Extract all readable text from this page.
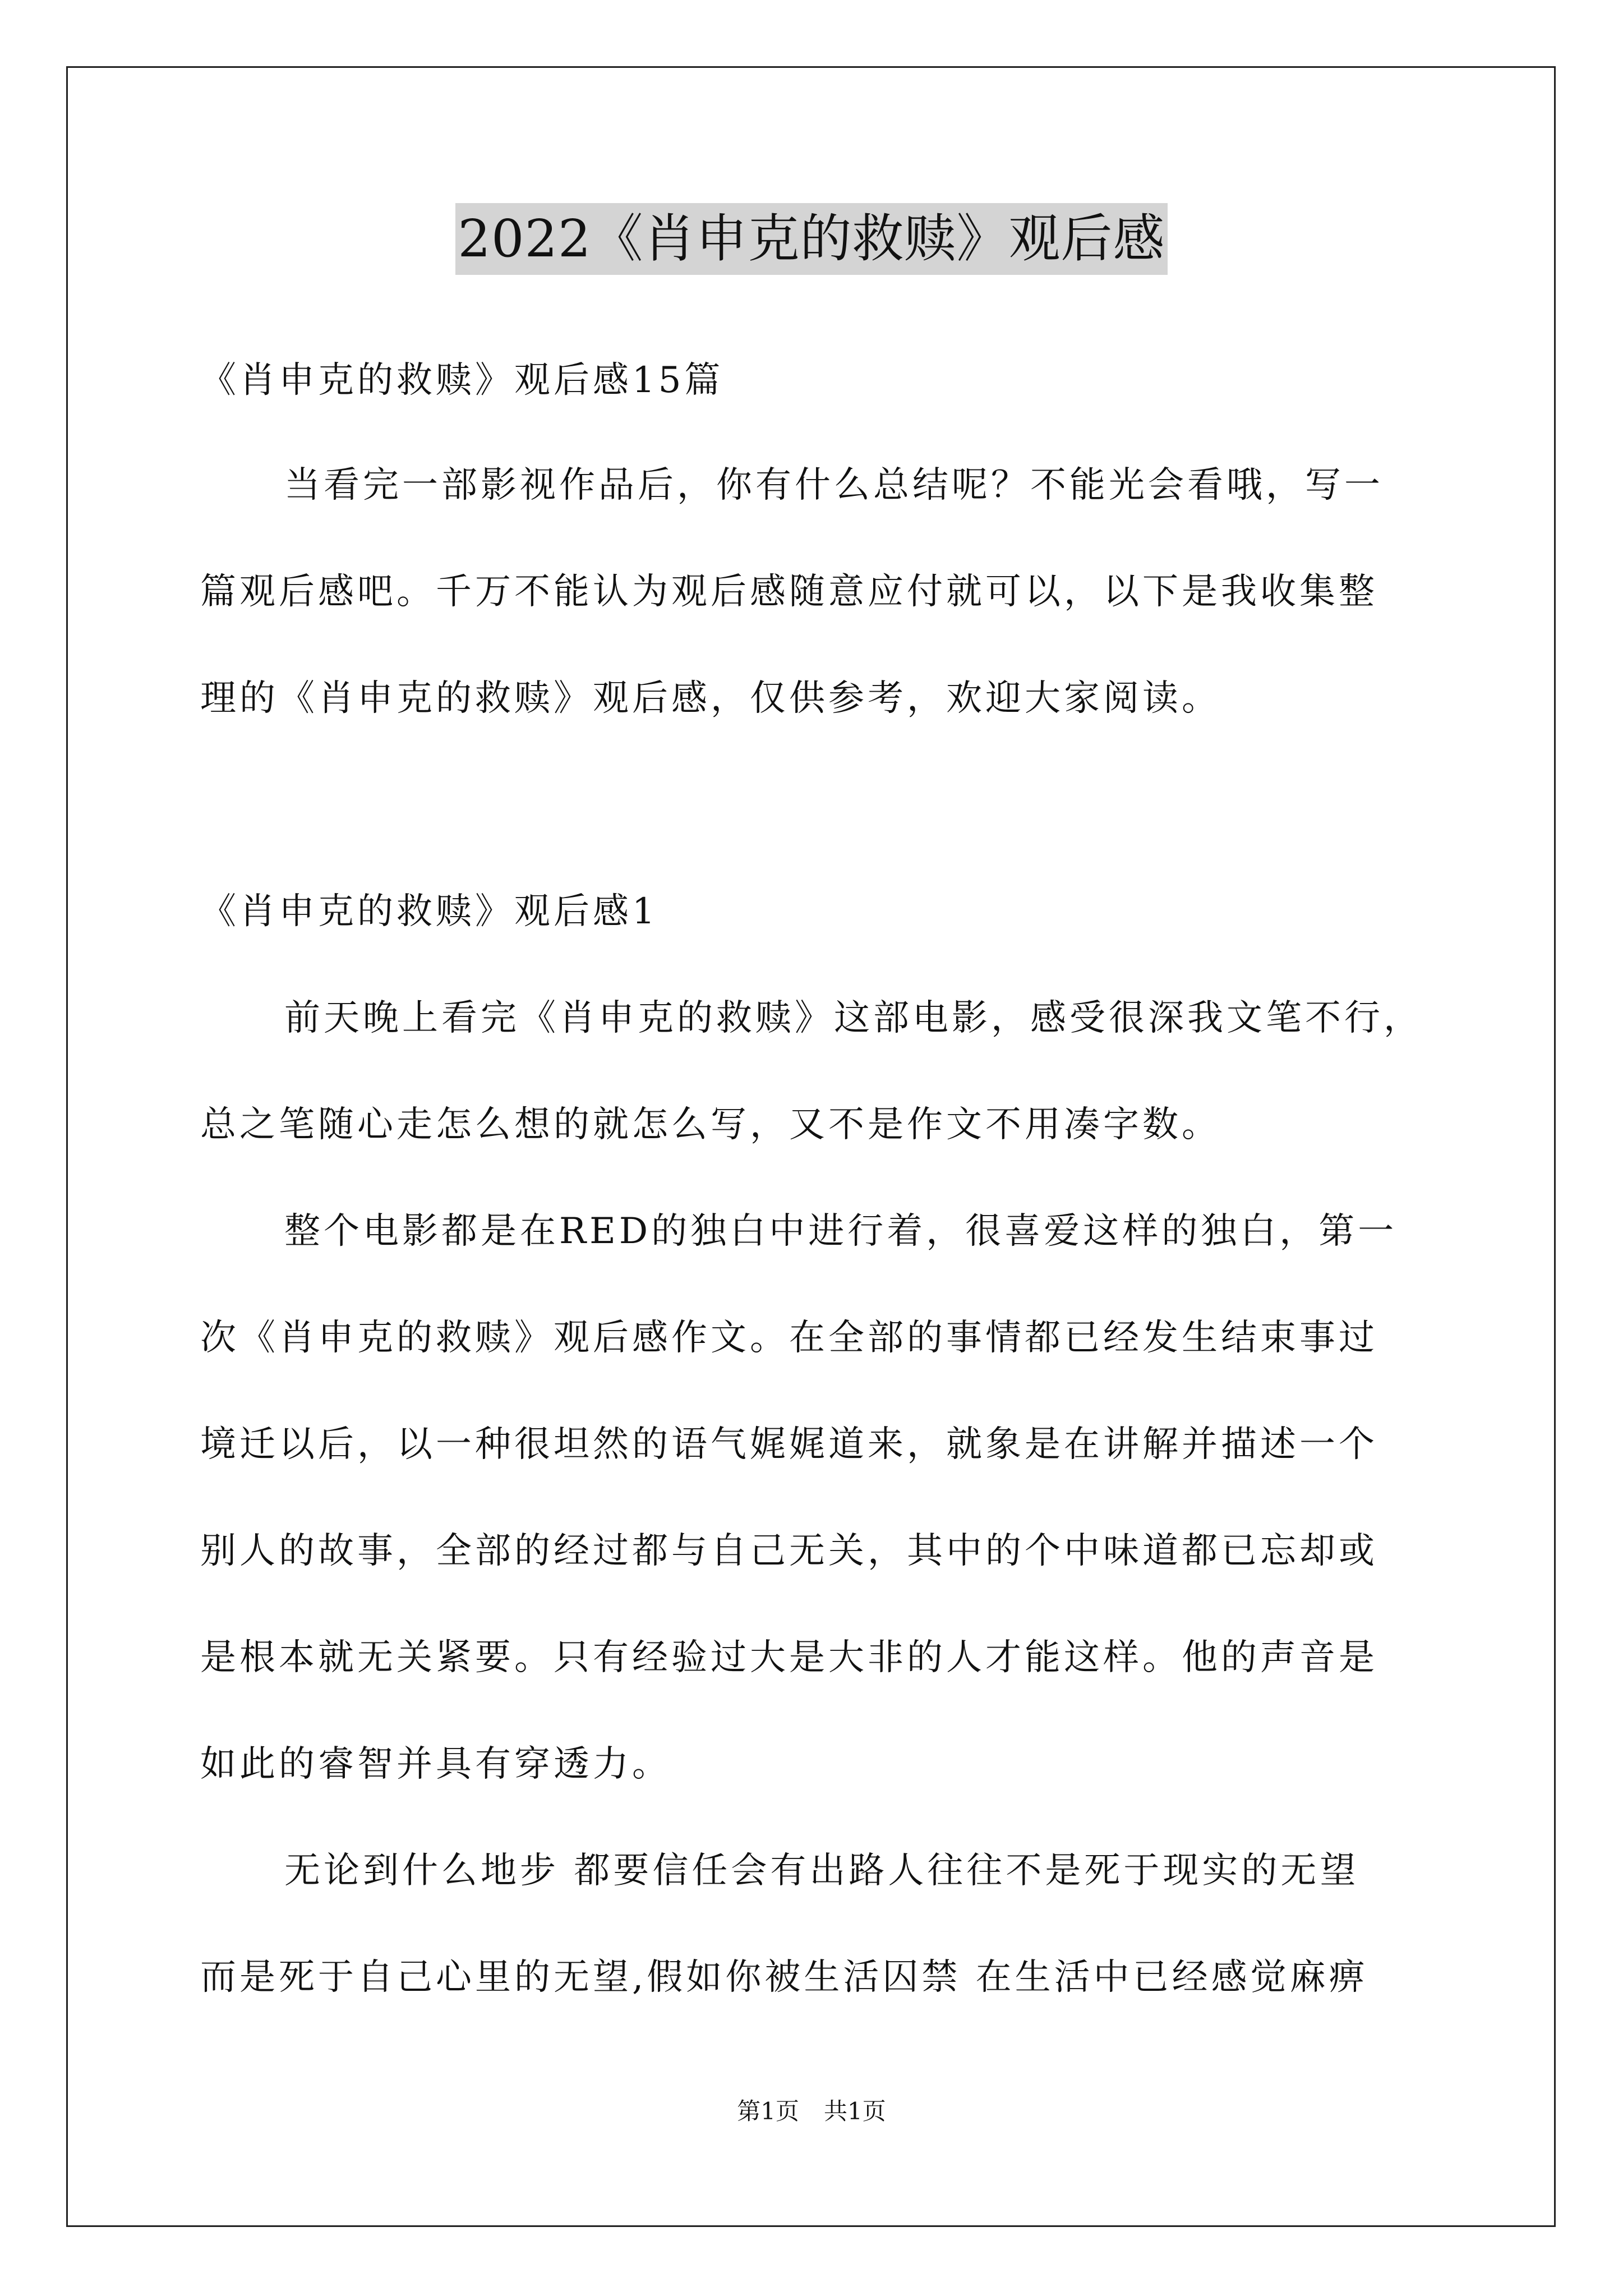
2022《肖申克的救赎》观后感
《肖申克的救赎》观后感15篇
当看完一部影视作品后，你有什么总结呢？不能光会看哦，写一
篇观后感吧。千万不能认为观后感随意应付就可以，以下是我收集整
理的《肖申克的救赎》观后感，仅供参考，欢迎大家阅读。
《肖申克的救赎》观后感1
前天晚上看完《肖申克的救赎》这部电影，感受很深我文笔不行，
总之笔随心走怎么想的就怎么写，又不是作文不用凑字数。
整个电影都是在RED的独白中进行着，很喜爱这样的独白，第一
次《肖申克的救赎》观后感作文。在全部的事情都已经发生结束事过
境迁以后，以一种很坦然的语气娓娓道来，就象是在讲解并描述一个
别人的故事，全部的经过都与自己无关，其中的个中味道都已忘却或
是根本就无关紧要。只有经验过大是大非的人才能这样。他的声音是
如此的睿智并具有穿透力。
无论到什么地步 都要信任会有出路人往往不是死于现实的无望
而是死于自己心里的无望,假如你被生活囚禁 在生活中已经感觉麻痹
第1页 共1页
